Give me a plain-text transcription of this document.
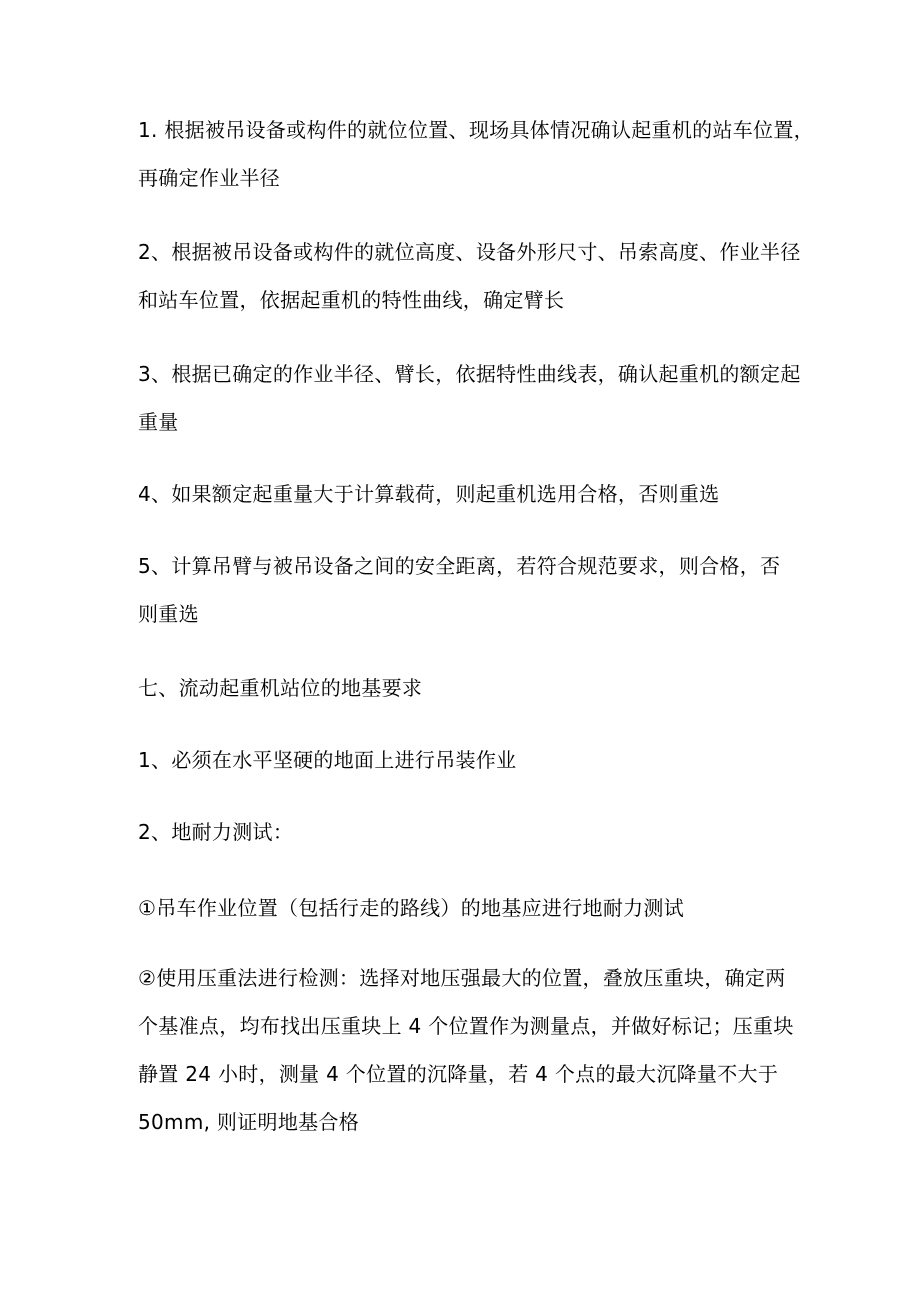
1. 根据被吊设备或构件的就位位置、现场具体情况确认起重机的站车位置，
再确定作业半径
2、根据被吊设备或构件的就位高度、设备外形尺寸、吊索高度、作业半径
和站车位置，依据起重机的特性曲线，确定臂长
3、根据已确定的作业半径、臂长，依据特性曲线表，确认起重机的额定起
重量
4、如果额定起重量大于计算载荷，则起重机选用合格，否则重选
5、计算吊臂与被吊设备之间的安全距离，若符合规范要求，则合格，否
则重选
七、流动起重机站位的地基要求
1、必须在水平坚硬的地面上进行吊装作业
2、地耐力测试：
①吊车作业位置（包括行走的路线）的地基应进行地耐力测试
②使用压重法进行检测：选择对地压强最大的位置，叠放压重块，确定两
个基准点，均布找出压重块上 4 个位置作为测量点，并做好标记；压重块
静置 24 小时，测量 4 个位置的沉降量，若 4 个点的最大沉降量不大于
50mm, 则证明地基合格
